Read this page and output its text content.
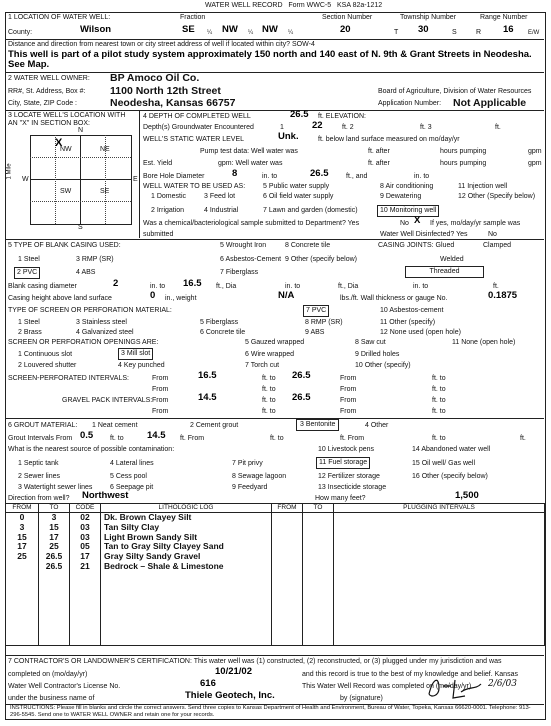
WATER WELL RECORD Form WWC-5 KSA 82a-1212
1 LOCATION OF WATER WELL:
County:	Wilson
Fraction
SE ¼ NW ¼ NW ¼
Section Number
20
Township Number
T 30	S
Range Number
R 16 E/W
Distance and direction from nearest town or city street address of well if located within city? SOW-4
This well is part of a pilot study system approximately 150 north and 140 east of N. 9th & Grant Streets in Neodesha. See Map.
2 WATER WELL OWNER: BP Amoco Oil Co.
RR#, St. Address, Box #: 1100 North 12th Street
City, State, ZIP Code :	Neodesha, Kansas 66757
Board of Agriculture, Division of Water Resources
Application Number: Not Applicable
3 LOCATE WELL'S LOCATION WITH AN "X" IN SECTION BOX:
N
S
W	E
NW	NE
SW	SE
X
1 Mile
4 DEPTH OF COMPLETED WELL	26.5 ft. ELEVATION:
Depth(s) Groundwater Encountered	1	22	ft. 2	ft. 3	ft.
WELL'S STATIC WATER LEVEL	Unk.	ft. below land surface measured on mo/day/yr
Pump test data: Well water was	ft. after	hours pumping	gpm
Est. Yield	gpm: Well water was	ft. after	hours pumping	gpm
Bore Hole Diameter	8	in. to	26.5	ft., and	in. to
WELL WATER TO BE USED AS:	5 Public water supply	8 Air conditioning	11 Injection well
1 Domestic	3 Feed lot	6 Oil field water supply	9 Dewatering	12 Other (Specify below)
2 Irrigation	4 Industrial	7 Lawn and garden (domestic)	10 Monitoring well
Was a chemical/bacteriological sample submitted to Department? Yes	No X If yes, mo/day/yr sample was
submitted	Water Well Disinfected? Yes	No
5 TYPE OF BLANK CASING USED:	5 Wrought Iron	8 Concrete tile	CASING JOINTS: Glued	Clamped
1 Steel	3 RMP (SR)	6 Asbestos-Cement 9 Other (specify below)	Welded
2 PVC	4 ABS	7 Fiberglass	Threaded
Blank casing diameter	2	in. to 16.5 ft., Dia	in. to	ft., Dia	in. to	ft.
Casing height above land surface	0 in., weight	N/A	lbs./ft. Wall thickness or gauge No.	0.1875
TYPE OF SCREEN OR PERFORATION MATERIAL:	7 PVC	10 Asbestos-cement
1 Steel	3 Stainless steel	5 Fiberglass	8 RMP (SR)	11 Other (specify)
2 Brass	4 Galvanized steel	6 Concrete tile	9 ABS	12 None used (open hole)
SCREEN OR PERFORATION OPENINGS ARE:	5 Gauzed wrapped	8 Saw cut	11 None (open hole)
1 Continuous slot	3 Mill slot	6 Wire wrapped	9 Drilled holes
2 Louvered shutter	4 Key punched	7 Torch cut	10 Other (specify)
SCREEN-PERFORATED INTERVALS:	From	16.5	ft. to 26.5	From	ft. to
From	ft. to	From	ft. to
GRAVEL PACK INTERVALS: From	14.5	ft. to 26.5	From	ft. to
From	ft. to	From	ft. to
6 GROUT MATERIAL: 1 Neat cement	2 Cement grout	3 Bentonite	4 Other
Grout Intervals From 0.5 ft. to 14.5 ft. From	ft. to	ft. From	ft. to	ft.
What is the nearest source of possible contamination:	10 Livestock pens	14 Abandoned water well
1 Septic tank	4 Lateral lines	7 Pit privy	11 Fuel storage	15 Oil well/ Gas well
2 Sewer lines	5 Cess pool	8 Sewage lagoon	12 Fertilizer storage	16 Other (specify below)
3 Watertight sewer lines	6 Seepage pit	9 Feedyard	13 Insecticide storage
Direction from well? Northwest	How many feet?	1,500
FROM	TO	CODE	LITHOLOGIC LOG	FROM	TO	PLUGGING INTERVALS
0	3	02	Dk. Brown Clayey Silt			
3	15	03	Tan Silty Clay			
15	17	03	Light Brown Sandy Silt			
17	25	05	Tan to Gray Silty Clayey Sand			
25	26.5	17	Gray Silty Sandy Gravel			
	26.5	21	Bedrock – Shale & Limestone			

7 CONTRACTOR'S OR LANDOWNER'S CERTIFICATION: This water well was (1) constructed, (2) reconstructed, or (3) plugged under my jurisdiction and was
completed on (mo/day/yr)	10/21/02	and this record is true to the best of my knowledge and belief. Kansas
Water Well Contractor's License No.	616	This Water Well Record was completed on (mo/day/yr) 2/6/03
under the business name of	Thiele Geotech, Inc.	by (signature)
INSTRUCTIONS: Please fill in blanks and circle the correct answers. Send three copies to Kansas Department of Health and Environment, Bureau of Water, Topeka, Kansas 66620-0001. Telephone: 913-296-5545. Send one to WATER WELL OWNER and retain one for your records.
